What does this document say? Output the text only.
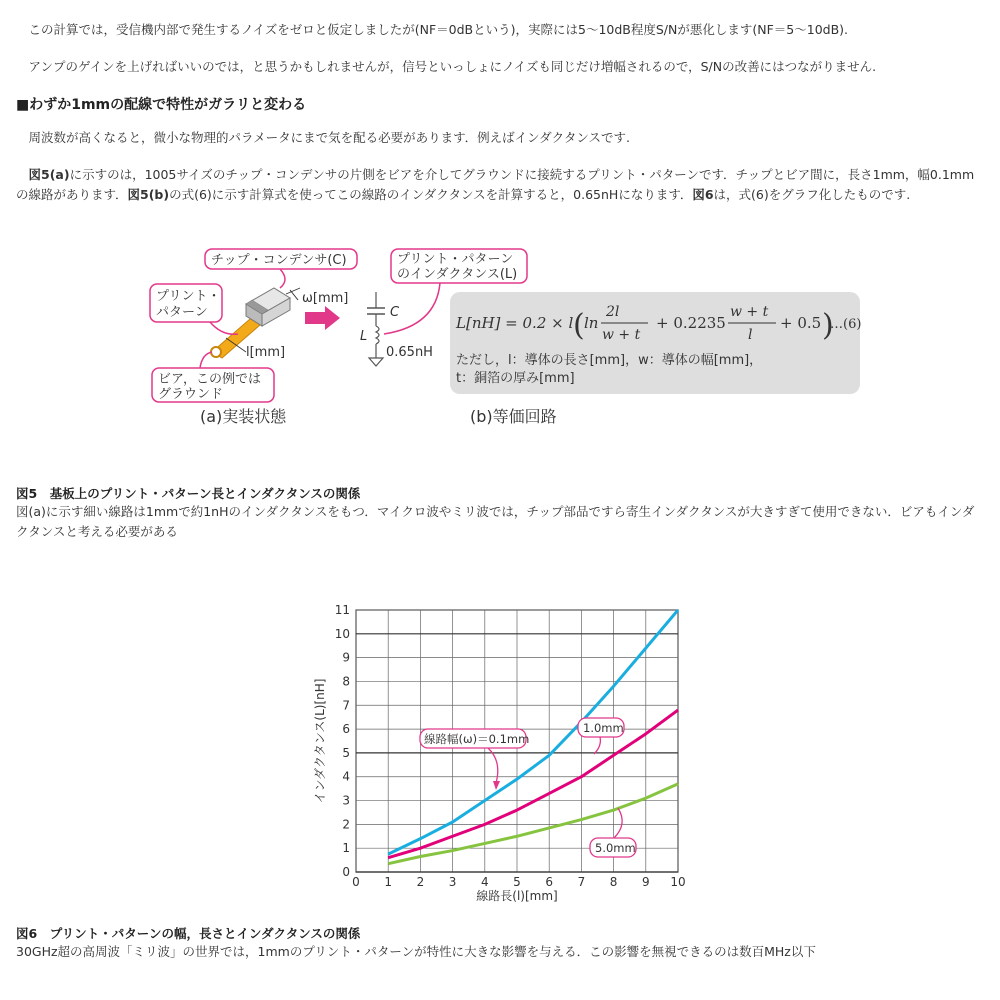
この計算では，受信機内部で発生するノイズをゼロと仮定しましたが(NF＝0dBという)，実際には5～10dB程度S/Nが悪化します(NF＝5～10dB).

アンプのゲインを上げればいいのでは，と思うかもしれませんが，信号といっしょにノイズも同じだけ増幅されるので，S/Nの改善にはつながりません.

■わずか1mmの配線で特性がガラリと変わる

周波数が高くなると，微小な物理的パラメータにまで気を配る必要があります．例えばインダクタンスです.

図5(a)に示すのは，1005サイズのチップ・コンデンサの片側をビアを介してグラウンドに接続するプリント・パターンです．チップとビア間に，長さ1mm，幅0.1mmの線路があります．図5(b)の式(6)に示す計算式を使ってこの線路のインダクタンスを計算すると，0.65nHになります．図6は，式(6)をグラフ化したものです.

ω[mm]
l[mm]
チップ・コンデンサ(C)
プリント・
パターン
ビア，この例では
グラウンド
C
L
0.65nH
プリント・パターン
のインダクタンス(L)
L[nH] = 0.2 × l ( ln
2l
w + t
+ 0.2235
w + t
l
+ 0.5 )
…(6)
ただし，l：導体の長さ[mm]，w：導体の幅[mm]，
t：銅箔の厚み[mm]
(a)実装状態	(b)等価回路

図5　基板上のプリント・パターン長とインダクタンスの関係

図(a)に示す細い線路は1mmで約1nHのインダクタンスをもつ．マイクロ波やミリ波では，チップ部品ですら寄生インダクタンスが大きすぎて使用できない．ビアもインダクタンスと考える必要がある

0 1 2 3 4 5 6 7 8 9 10
0
1
2
3
4
5
6
7
8
9
10
11
線路幅(ω)＝0.1mm
1.0mm
5.0mm
線路長(l)[mm]
インダクタンス(L)[nH]

図6　プリント・パターンの幅，長さとインダクタンスの関係

30GHz超の高周波「ミリ波」の世界では，1mmのプリント・パターンが特性に大きな影響を与える．この影響を無視できるのは数百MHz以下
